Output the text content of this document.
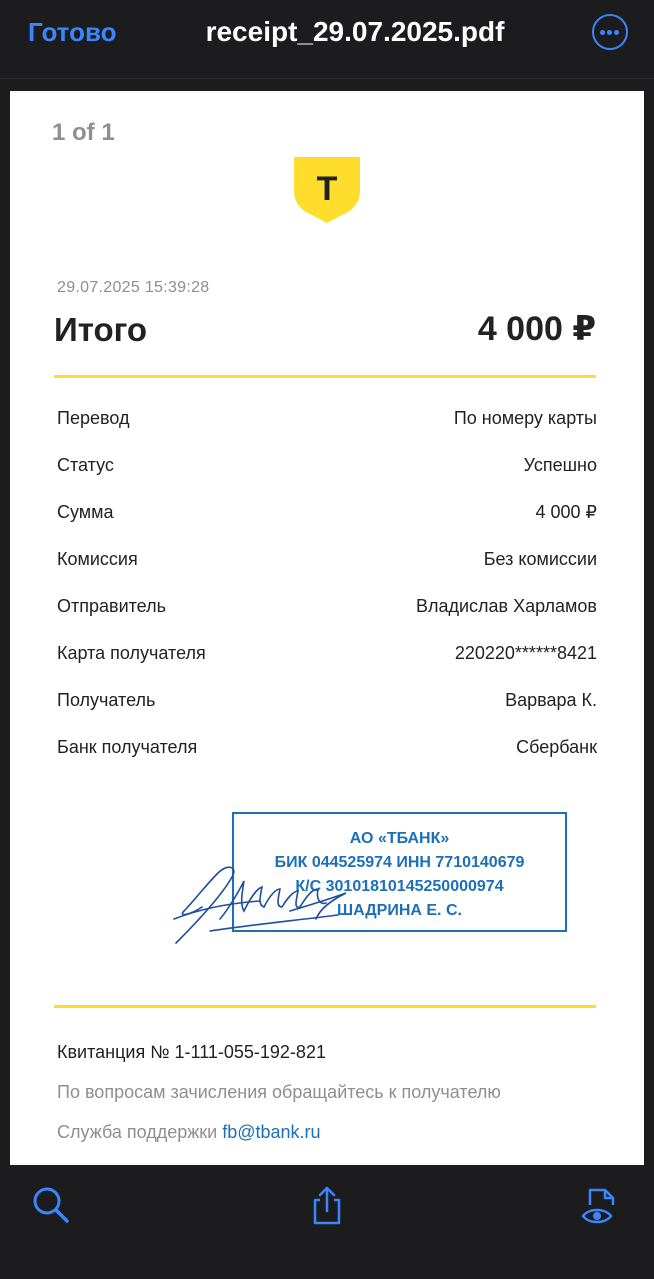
Готово	receipt_29.07.2025.pdf
1 of 1
Т
29.07.2025 15:39:28
Итого	4 000 ₽
Перевод	По номеру карты
Статус	Успешно
Сумма	4 000 ₽
Комиссия	Без комиссии
Отправитель	Владислав Харламов
Карта получателя	220220******8421
Получатель	Варвара К.
Банк получателя	Сбербанк
АО «ТБАНК»
БИК 044525974 ИНН 7710140679
К/С 30101810145250000974
ШАДРИНА Е. С.
Квитанция № 1-111-055-192-821
По вопросам зачисления обращайтесь к получателю
Служба поддержки fb@tbank.ru
